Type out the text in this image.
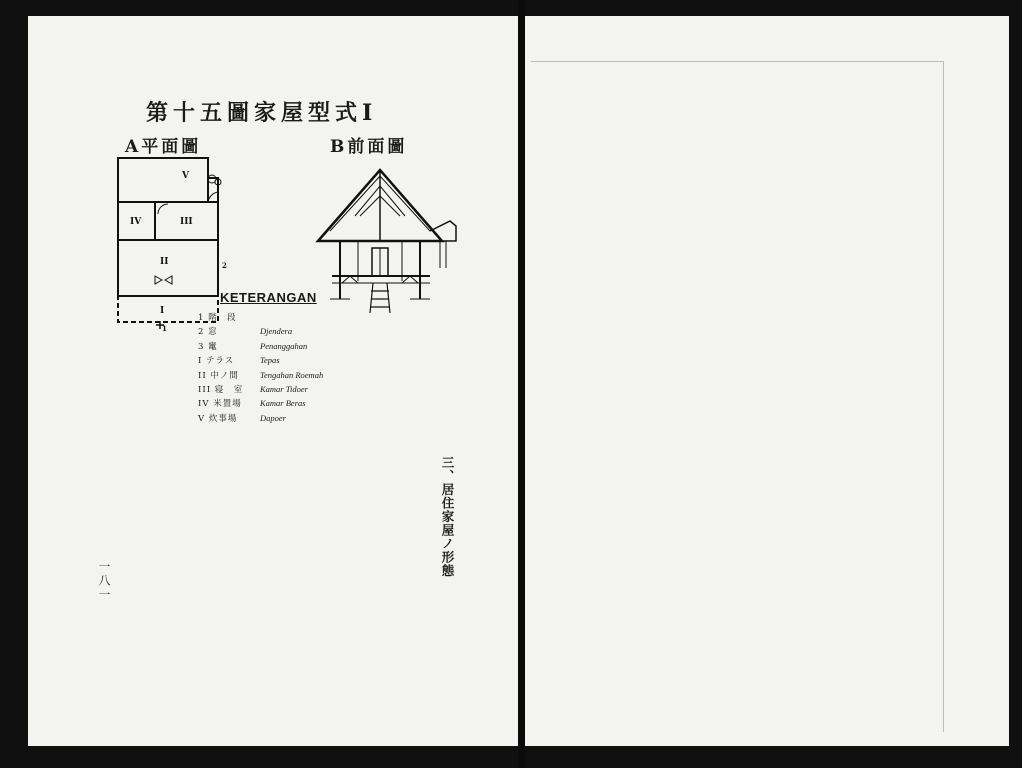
第十五圖家屋型式I
A平面圖	B前面圖
V
IV	III
II
I
2
1
KETERANGAN
1 階　段
2 窓	Djendera
3 竃	Penanggahan
I テラス	Tepas
II 中ノ間 Tengahan Roemah
III 寝　室 Kamar Tidoer
IV 米置場 Kamar Beras
V 炊事場	Dapoer
三、居住家屋ノ形態
一八一
